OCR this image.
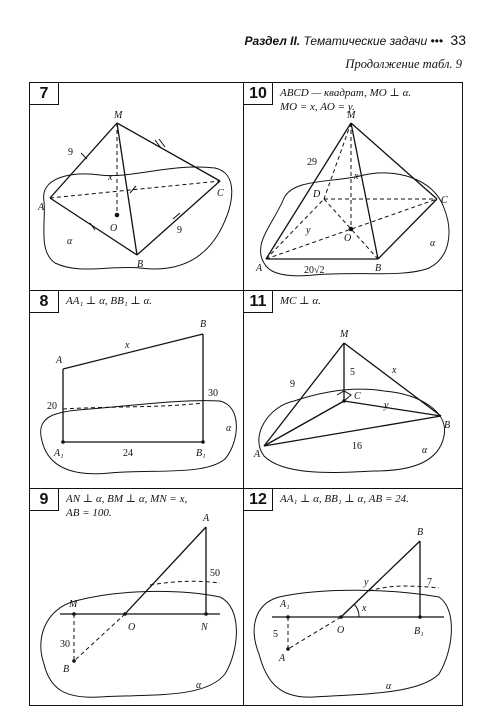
Раздел II. Тематические задачи ••• 33
Продолжение табл. 9
7
M
A
B
C
O
x
9
9
α
10	ABCD — квадрат, MO ⊥ α.
MO = x, AO = y.
M
A	B
C
D
O
x
y
29
20√2
α
8	AA₁ ⊥ α, BB₁ ⊥ α.
A
B
A₁	B₁
x
20
30
24
α
11	MC ⊥ α.
M
A
B
C
x
y
9
5
16	α
9	AN ⊥ α, BM ⊥ α, MN = x,
AB = 100.	A
B
M
N
O
50
30
α
12	AA₁ ⊥ α, BB₁ ⊥ α, AB = 24.
A
B
A₁
B₁
O
x
y
5
7
α
